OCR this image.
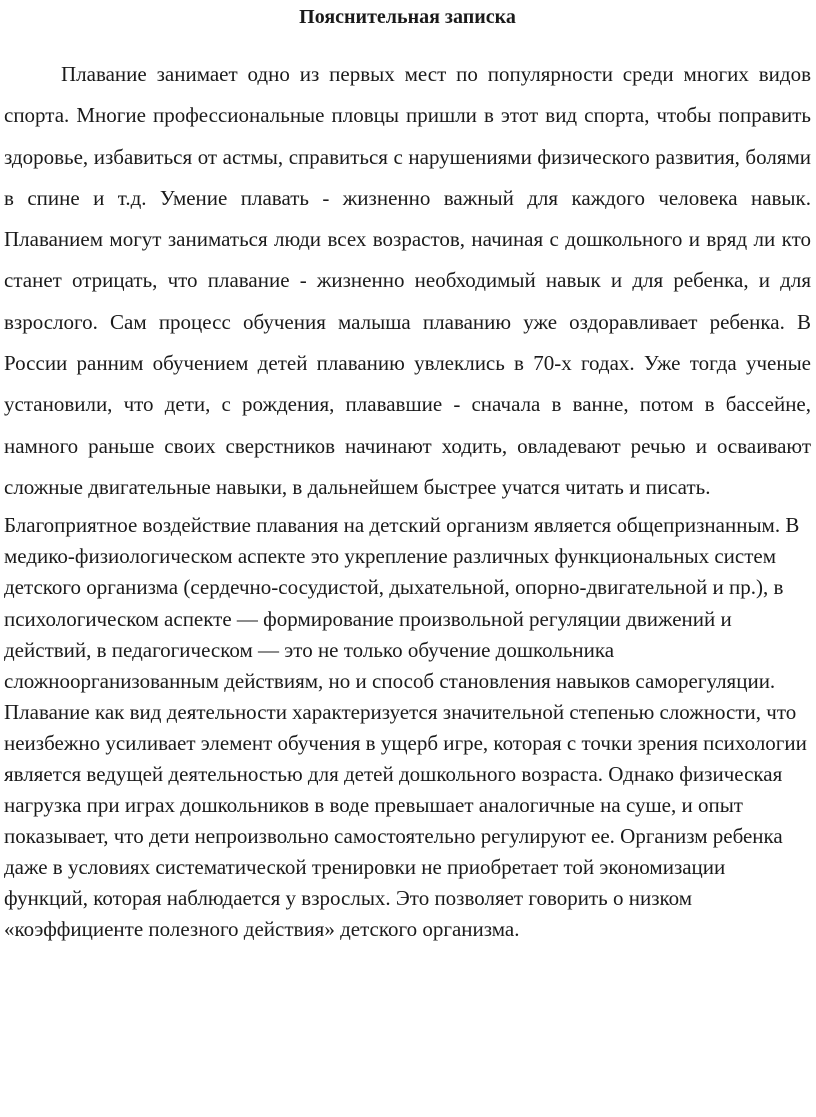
Пояснительная записка

Плавание занимает одно из первых мест по популярности среди многих видов спорта. Многие профессиональные пловцы пришли в этот вид спорта, чтобы поправить здоровье, избавиться от астмы, справиться с нарушениями физического развития, болями в спине и т.д. Умение плавать - жизненно важный для каждого человека навык. Плаванием могут заниматься люди всех возрастов, начиная с дошкольного и вряд ли кто станет отрицать, что плавание - жизненно необходимый навык и для ребенка, и для взрослого. Сам процесс обучения малыша плаванию уже оздоравливает ребенка. В России ранним обучением детей плаванию увлеклись в 70-х годах. Уже тогда ученые установили, что дети, с рождения, плававшие - сначала в ванне, потом в бассейне, намного раньше своих сверстников начинают ходить, овладевают речью и осваивают сложные двигательные навыки, в дальнейшем быстрее учатся читать и писать.

Благоприятное воздействие плавания на детский организм является общепризнанным. В медико-физиологическом аспекте это укрепление различных функциональных систем детского организма (сердечно-сосудистой, дыхательной, опорно-двигательной и пр.), в психологическом аспекте — формирование произвольной регуляции движений и действий, в педагогическом — это не только обучение дошкольника сложноорганизованным действиям, но и способ становления навыков саморегуляции. Плавание как вид деятельности характеризуется значительной степенью сложности, что неизбежно усиливает элемент обучения в ущерб игре, которая с точки зрения психологии является ведущей деятельностью для детей дошкольного возраста. Однако физическая нагрузка при играх дошкольников в воде превышает аналогичные на суше, и опыт показывает, что дети непроизвольно самостоятельно регулируют ее. Организм ребенка даже в условиях систематической тренировки не приобретает той экономизации функций, которая наблюдается у взрослых. Это позволяет говорить о низком «коэффициенте полезного действия» детского организма.
